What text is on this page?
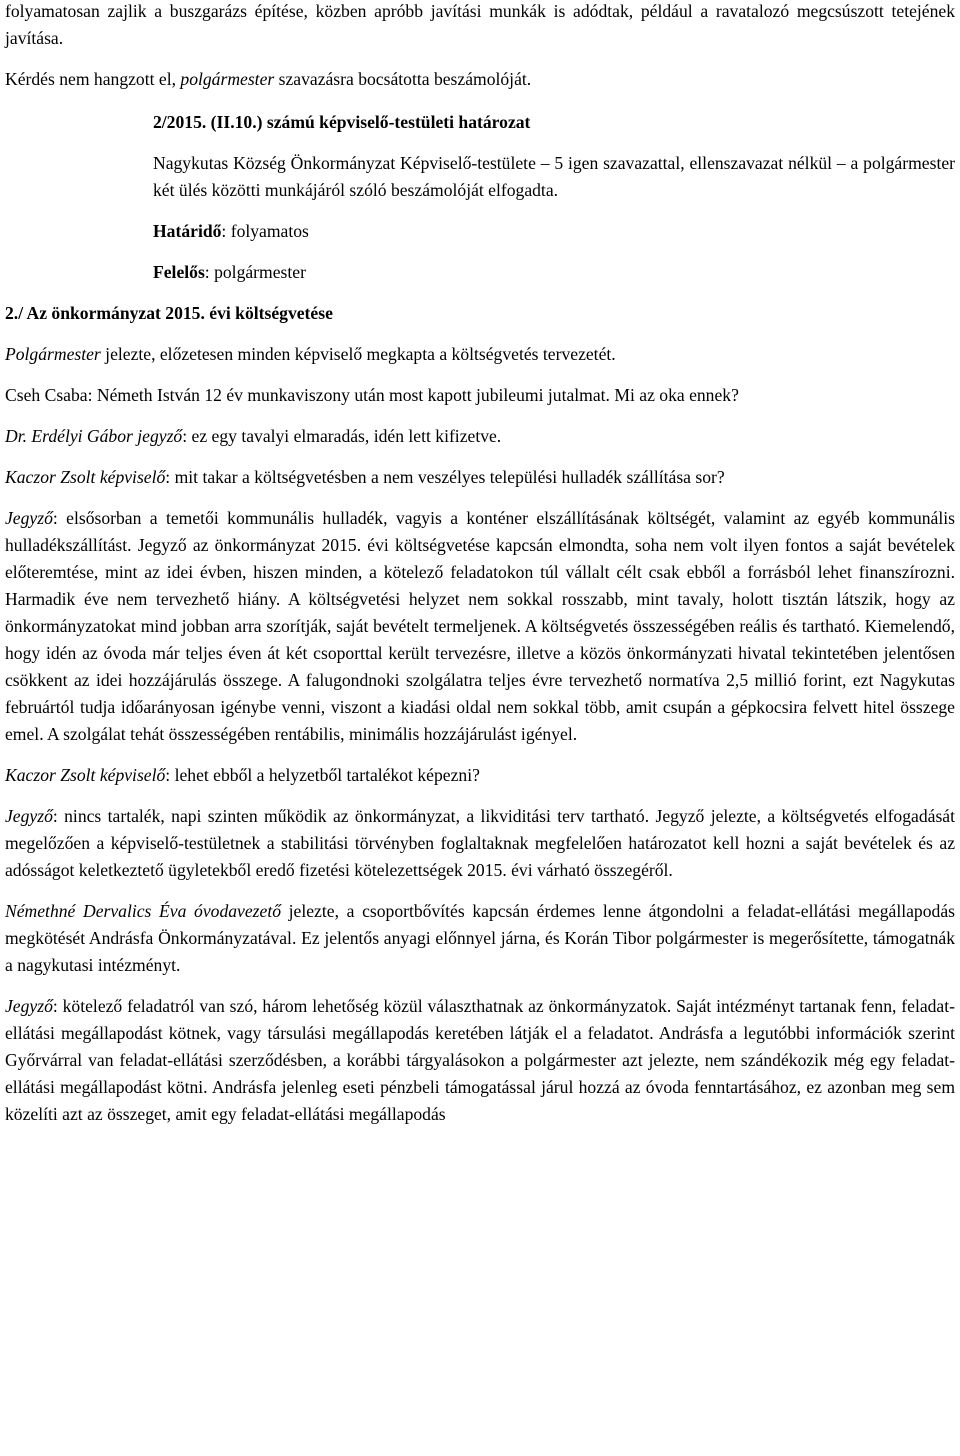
folyamatosan zajlik a buszgarázs építése, közben apróbb javítási munkák is adódtak, például a ravatalozó megcsúszott tetejének javítása.

Kérdés nem hangzott el, polgármester szavazásra bocsátotta beszámolóját.

2/2015. (II.10.) számú képviselő-testületi határozat

Nagykutas Község Önkormányzat Képviselő-testülete – 5 igen szavazattal, ellenszavazat nélkül – a polgármester két ülés közötti munkájáról szóló beszámolóját elfogadta.

Határidő: folyamatos

Felelős: polgármester

2./ Az önkormányzat 2015. évi költségvetése

Polgármester jelezte, előzetesen minden képviselő megkapta a költségvetés tervezetét.

Cseh Csaba: Németh István 12 év munkaviszony után most kapott jubileumi jutalmat. Mi az oka ennek?

Dr. Erdélyi Gábor jegyző: ez egy tavalyi elmaradás, idén lett kifizetve.

Kaczor Zsolt képviselő: mit takar a költségvetésben a nem veszélyes települési hulladék szállítása sor?

Jegyző: elsősorban a temetői kommunális hulladék, vagyis a konténer elszállításának költségét, valamint az egyéb kommunális hulladékszállítást. Jegyző az önkormányzat 2015. évi költségvetése kapcsán elmondta, soha nem volt ilyen fontos a saját bevételek előteremtése, mint az idei évben, hiszen minden, a kötelező feladatokon túl vállalt célt csak ebből a forrásból lehet finanszírozni. Harmadik éve nem tervezhető hiány. A költségvetési helyzet nem sokkal rosszabb, mint tavaly, holott tisztán látszik, hogy az önkormányzatokat mind jobban arra szorítják, saját bevételt termeljenek. A költségvetés összességében reális és tartható. Kiemelendő, hogy idén az óvoda már teljes éven át két csoporttal került tervezésre, illetve a közös önkormányzati hivatal tekintetében jelentősen csökkent az idei hozzájárulás összege. A falugondnoki szolgálatra teljes évre tervezhető normatíva 2,5 millió forint, ezt Nagykutas februártól tudja időarányosan igénybe venni, viszont a kiadási oldal nem sokkal több, amit csupán a gépkocsira felvett hitel összege emel. A szolgálat tehát összességében rentábilis, minimális hozzájárulást igényel.

Kaczor Zsolt képviselő: lehet ebből a helyzetből tartalékot képezni?

Jegyző: nincs tartalék, napi szinten működik az önkormányzat, a likviditási terv tartható. Jegyző jelezte, a költségvetés elfogadását megelőzően a képviselő-testületnek a stabilitási törvényben foglaltaknak megfelelően határozatot kell hozni a saját bevételek és az adósságot keletkeztető ügyletekből eredő fizetési kötelezettségek 2015. évi várható összegéről.

Némethné Dervalics Éva óvodavezető jelezte, a csoportbővítés kapcsán érdemes lenne átgondolni a feladat-ellátási megállapodás megkötését Andrásfa Önkormányzatával. Ez jelentős anyagi előnnyel járna, és Korán Tibor polgármester is megerősítette, támogatnák a nagykutasi intézményt.

Jegyző: kötelező feladatról van szó, három lehetőség közül választhatnak az önkormányzatok. Saját intézményt tartanak fenn, feladat-ellátási megállapodást kötnek, vagy társulási megállapodás keretében látják el a feladatot. Andrásfa a legutóbbi információk szerint Győrvárral van feladat-ellátási szerződésben, a korábbi tárgyalásokon a polgármester azt jelezte, nem szándékozik még egy feladat-ellátási megállapodást kötni. Andrásfa jelenleg eseti pénzbeli támogatással járul hozzá az óvoda fenntartásához, ez azonban meg sem közelíti azt az összeget, amit egy feladat-ellátási megállapodás
